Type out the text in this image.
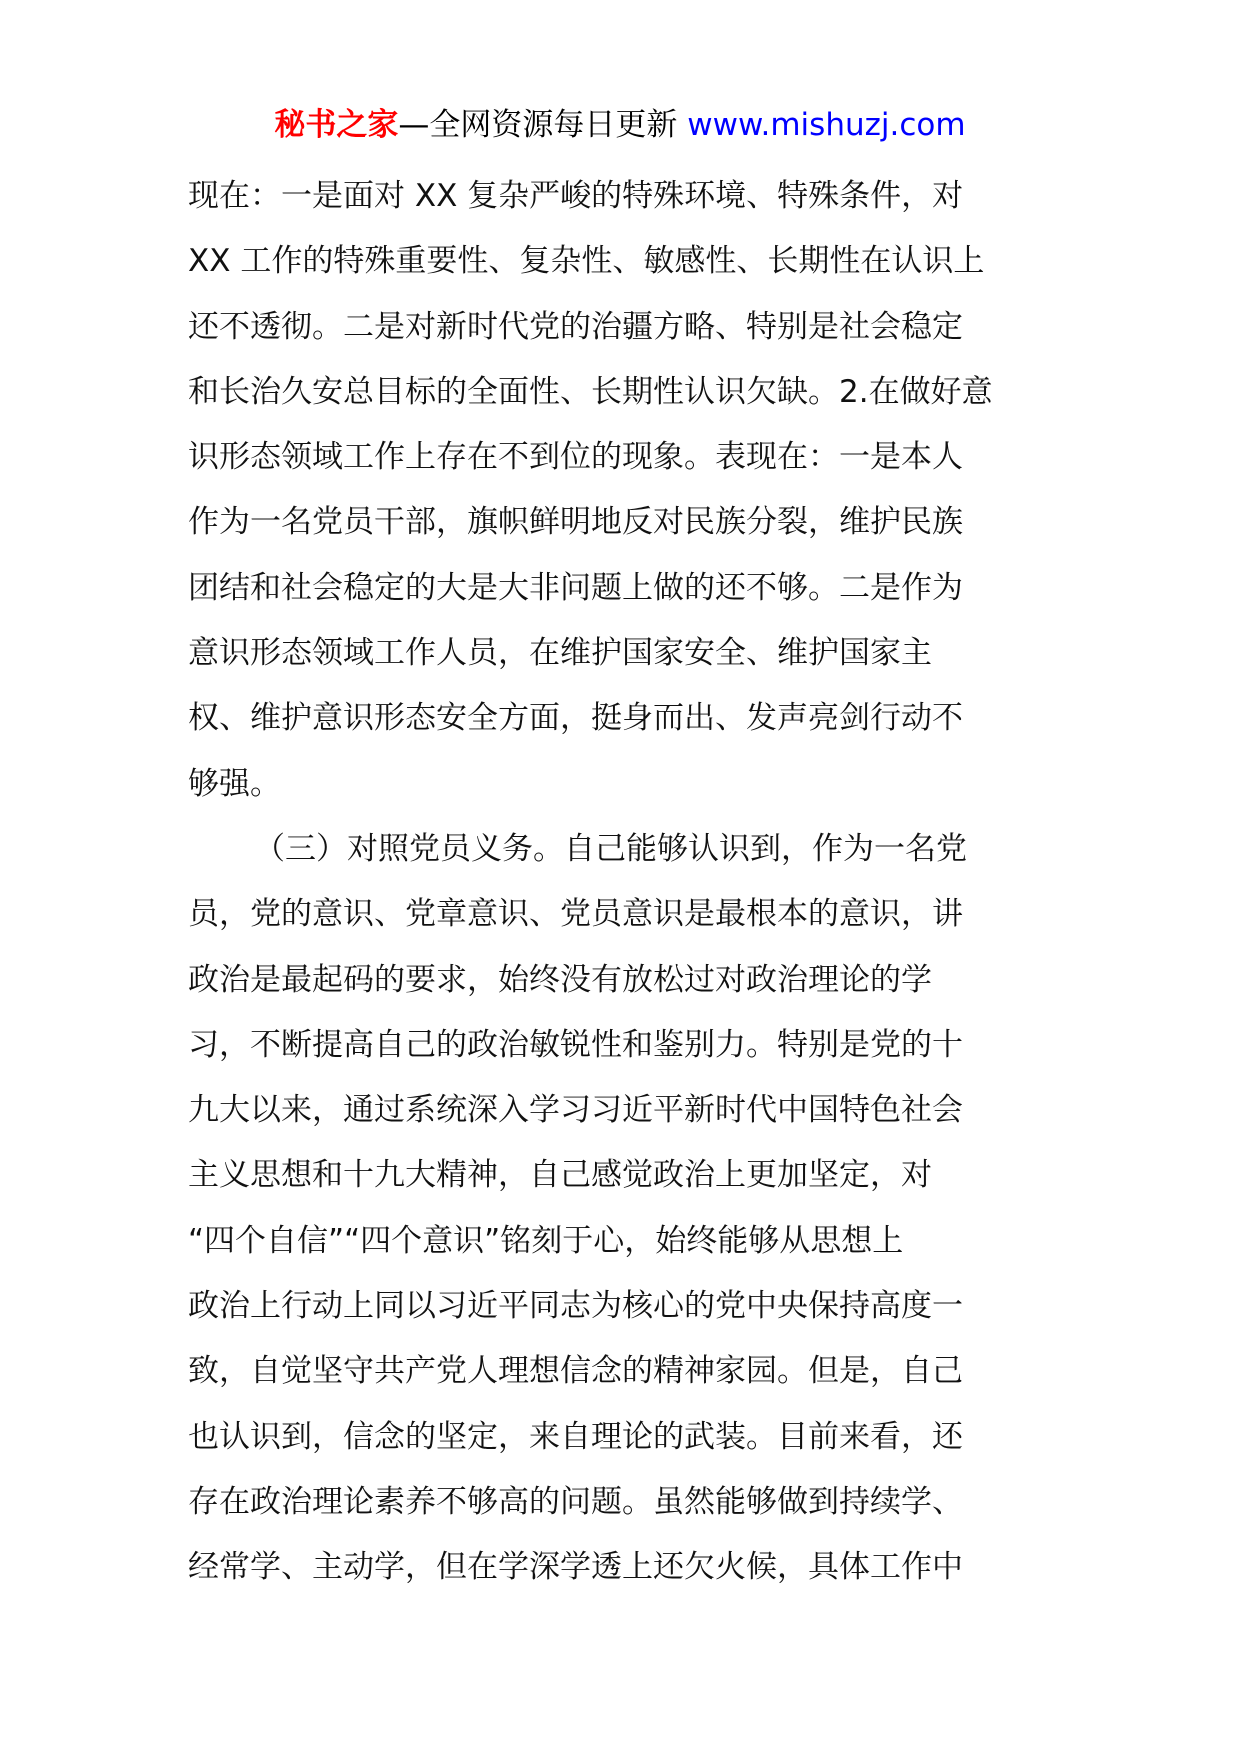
秘书之家—全网资源每日更新 www.mishuzj.com
现在：一是面对 XX 复杂严峻的特殊环境、特殊条件，对
XX 工作的特殊重要性、复杂性、敏感性、长期性在认识上
还不透彻。二是对新时代党的治疆方略、特别是社会稳定
和长治久安总目标的全面性、长期性认识欠缺。2.在做好意
识形态领域工作上存在不到位的现象。表现在：一是本人
作为一名党员干部，旗帜鲜明地反对民族分裂，维护民族
团结和社会稳定的大是大非问题上做的还不够。二是作为
意识形态领域工作人员，在维护国家安全、维护国家主
权、维护意识形态安全方面，挺身而出、发声亮剑行动不
够强。
（三）对照党员义务。自己能够认识到，作为一名党
员，党的意识、党章意识、党员意识是最根本的意识，讲
政治是最起码的要求，始终没有放松过对政治理论的学
习，不断提高自己的政治敏锐性和鉴别力。特别是党的十
九大以来，通过系统深入学习习近平新时代中国特色社会
主义思想和十九大精神，自己感觉政治上更加坚定，对
“四个自信”“四个意识”铭刻于心，始终能够从思想上
政治上行动上同以习近平同志为核心的党中央保持高度一
致，自觉坚守共产党人理想信念的精神家园。但是，自己
也认识到，信念的坚定，来自理论的武装。目前来看，还
存在政治理论素养不够高的问题。虽然能够做到持续学、
经常学、主动学，但在学深学透上还欠火候，具体工作中
